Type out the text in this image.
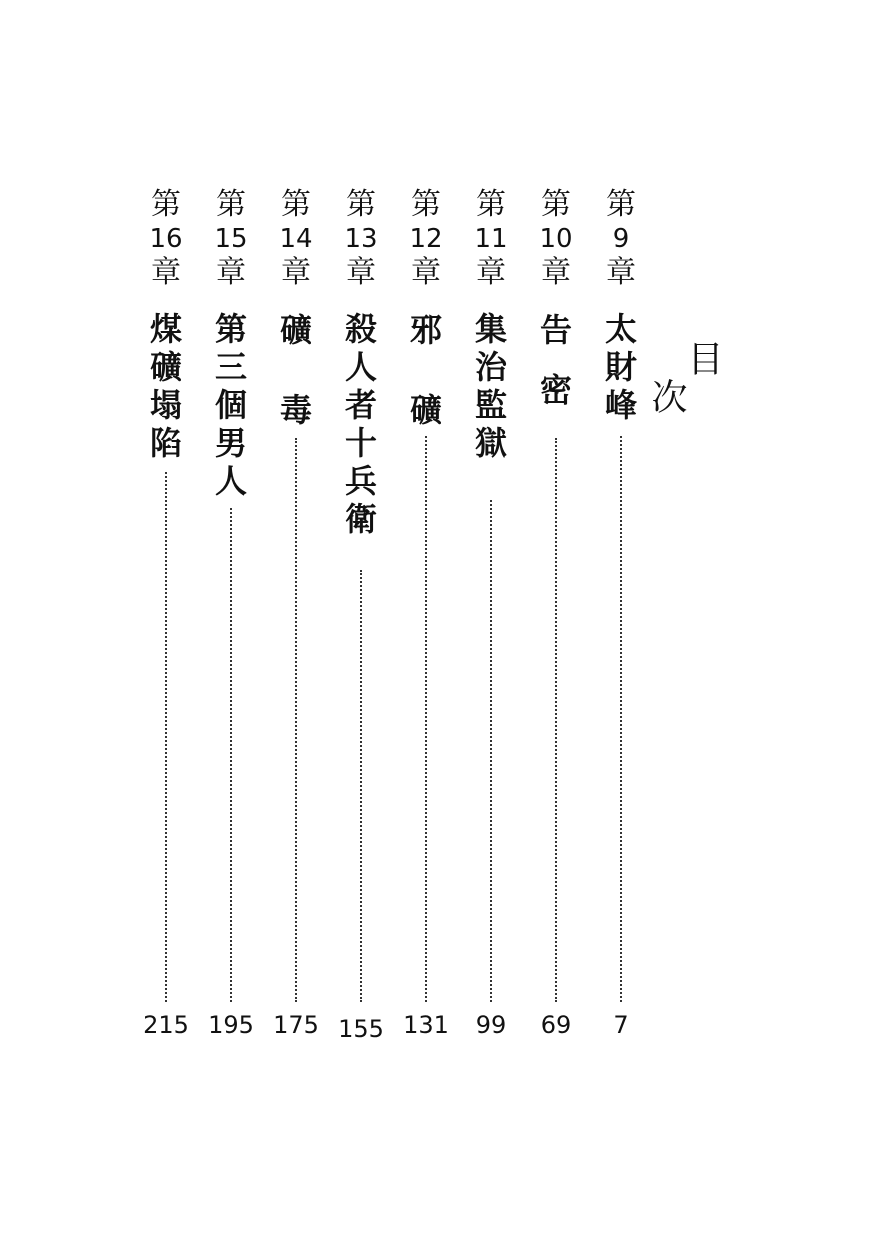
目
次
第
9
章
太
財
峰
7
第
10
章
告
密
69
第
11
章
集
治
監
獄
99
第
12
章
邪
礦
131
第
13
章
殺
人
者
十
兵
衛
155
第
14
章
礦
毒
175
第
15
章
第
三
個
男
人
195
第
16
章
煤
礦
塌
陷
215
